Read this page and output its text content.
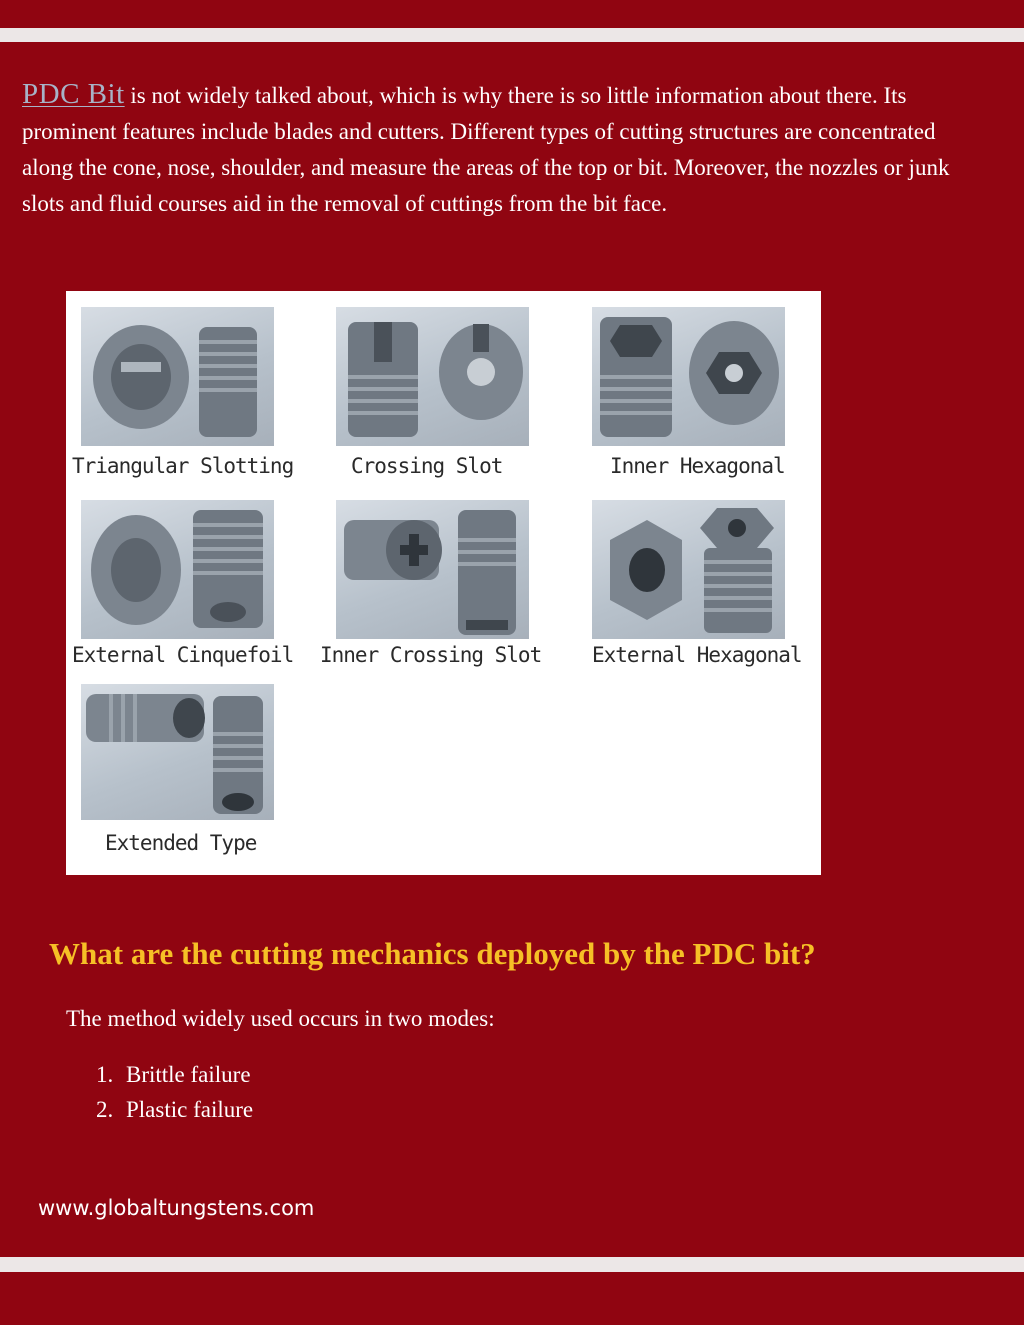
PDC Bit is not widely talked about, which is why there is so little information about there. Its prominent features include blades and cutters. Different types of cutting structures are concentrated along the cone, nose, shoulder, and measure the areas of the top or bit. Moreover, the nozzles or junk slots and fluid courses aid in the removal of cuttings from the bit face.

Triangular Slotting	Crossing Slot	Inner Hexagonal
External Cinquefoil Inner Crossing Slot External Hexagonal
Extended Type
What are the cutting mechanics deployed by the PDC bit?

The method widely used occurs in two modes:

1. Brittle failure
2. Plastic failure
www.globaltungstens.com
